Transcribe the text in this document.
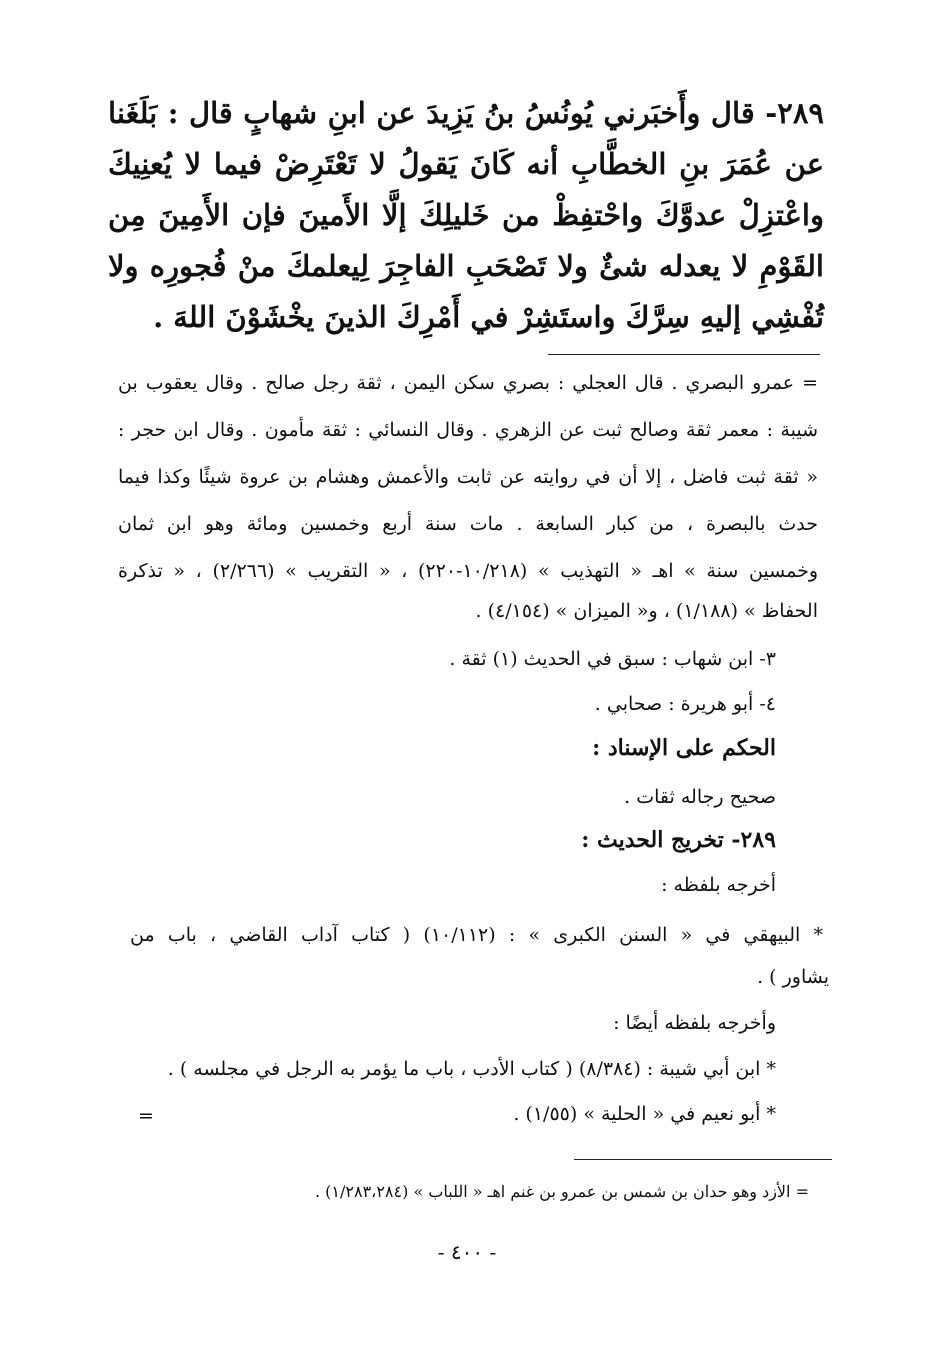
٢٨٩- قال وأَخبَرني يُونُسُ بنُ يَزِيدَ عن ابنِ شهابٍ قال : بَلَغَنا عن عُمَرَ بنِ الخطَّابِ أنه كَانَ يَقولُ لا تَعْتَرِضْ فيما لا يُعنِيكَ واعْتزِلْ عدوَّكَ واحْتفِظْ من خَليلِكَ إلَّا الأَمينَ فإن الأَمِينَ مِن القَوْمِ لا يعدله شئٌ ولا تَصْحَبِ الفاجِرَ لِيعلمكَ منْ فُجورِه ولا تُفْشِي إليهِ سِرَّكَ واستَشِرْ في أَمْرِكَ الذينَ يخْشَوْنَ اللهَ .
= عمرو البصري . قال العجلي : بصري سكن اليمن ، ثقة رجل صالح . وقال يعقوب بن
شيبة : معمر ثقة وصالح ثبت عن الزهري . وقال النسائي : ثقة مأمون . وقال ابن حجر :
« ثقة ثبت فاضل ، إلا أن في روايته عن ثابت والأعمش وهشام بن عروة شيئًا وكذا فيما
حدث بالبصرة ، من كبار السابعة . مات سنة أربع وخمسين ومائة وهو ابن ثمان
وخمسين سنة » اهـ « التهذيب » (١٠/٢١٨-٢٢٠) ، « التقريب » (٢/٢٦٦) ، « تذكرة
الحفاظ » (١/١٨٨) ، و« الميزان » (٤/١٥٤) .
٣- ابن شهاب : سبق في الحديث (١) ثقة .
٤- أبو هريرة : صحابي .
الحكم على الإسناد :
صحيح رجاله ثقات .
٢٨٩- تخريج الحديث :
أخرجه بلفظه :
* البيهقي في « السنن الكبرى » : (١٠/١١٢) ( كتاب آداب القاضي ، باب من
يشاور ) .
وأخرجه بلفظه أيضًا :
* ابن أبي شيبة : (٨/٣٨٤) ( كتاب الأدب ، باب ما يؤمر به الرجل في مجلسه ) .
* أبو نعيم في « الحلية » (١/٥٥) .
=
= الأزد وهو حدان بن شمس بن عمرو بن غنم اهـ « اللباب » (١/٢٨٣،٢٨٤) .
- ٤٠٠ -
